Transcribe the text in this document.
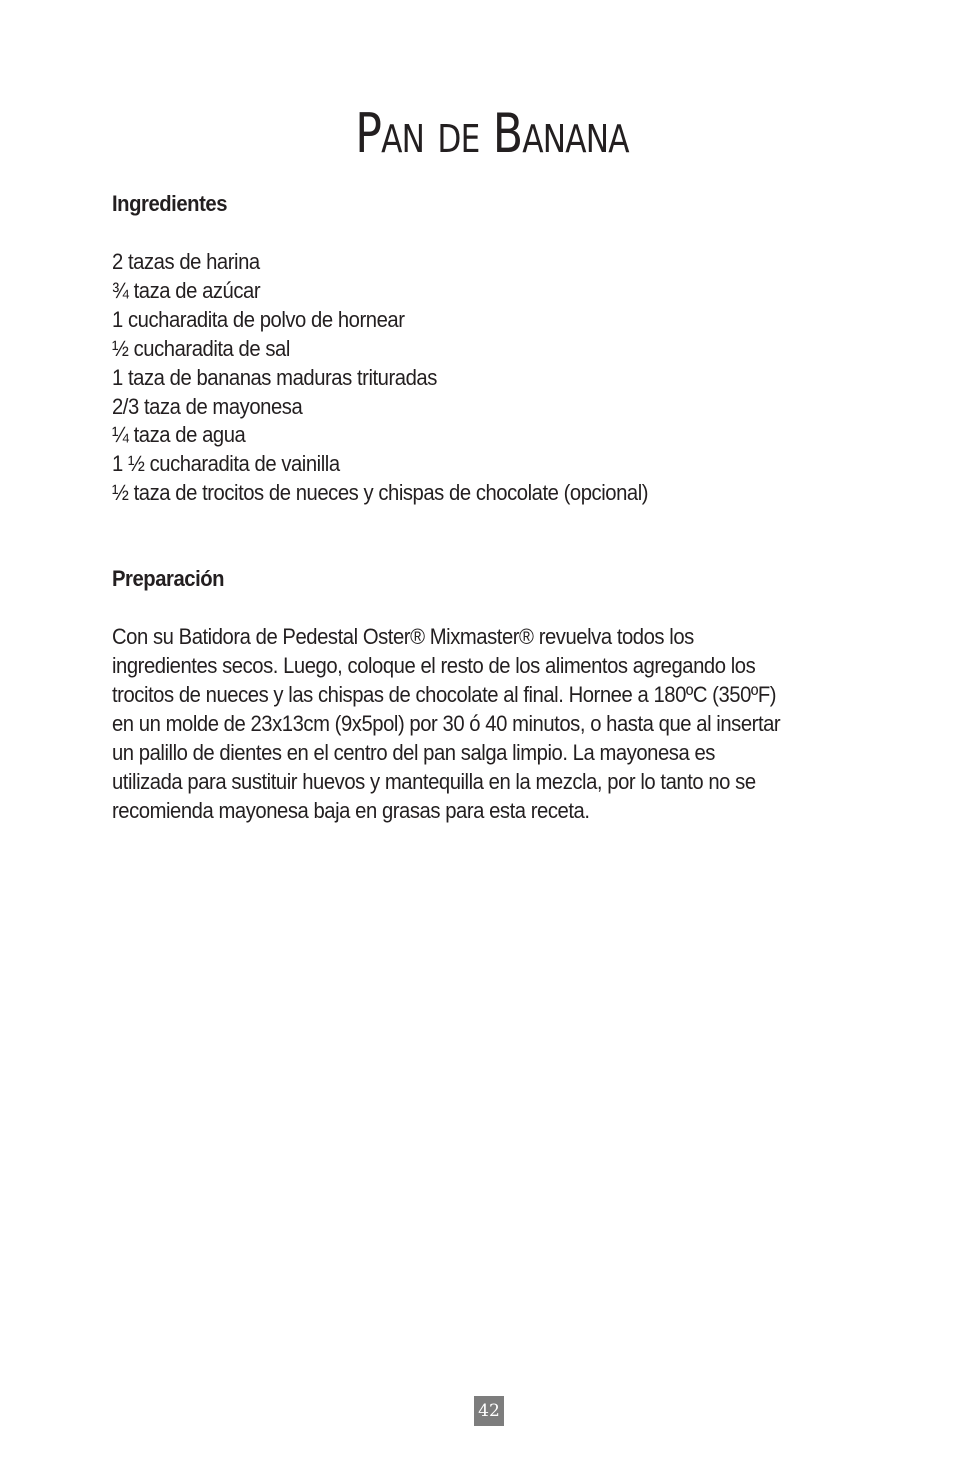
Pan de Banana
Ingredientes
2 tazas de harina
¾ taza de azúcar
1 cucharadita de polvo de hornear
½ cucharadita de sal
1 taza de bananas maduras trituradas
2/3 taza de mayonesa
¼ taza de agua
1 ½ cucharadita de vainilla
½ taza de trocitos de nueces y chispas de chocolate (opcional)
Preparación
Con su Batidora de Pedestal Oster® Mixmaster® revuelva todos los
ingredientes secos. Luego, coloque el resto de los alimentos agregando los
trocitos de nueces y las chispas de chocolate al final. Hornee a 180ºC (350ºF)
en un molde de 23x13cm (9x5pol) por 30 ó 40 minutos, o hasta que al insertar
un palillo de dientes en el centro del pan salga limpio. La mayonesa es
utilizada para sustituir huevos y mantequilla en la mezcla, por lo tanto no se
recomienda mayonesa baja en grasas para esta receta.
42
